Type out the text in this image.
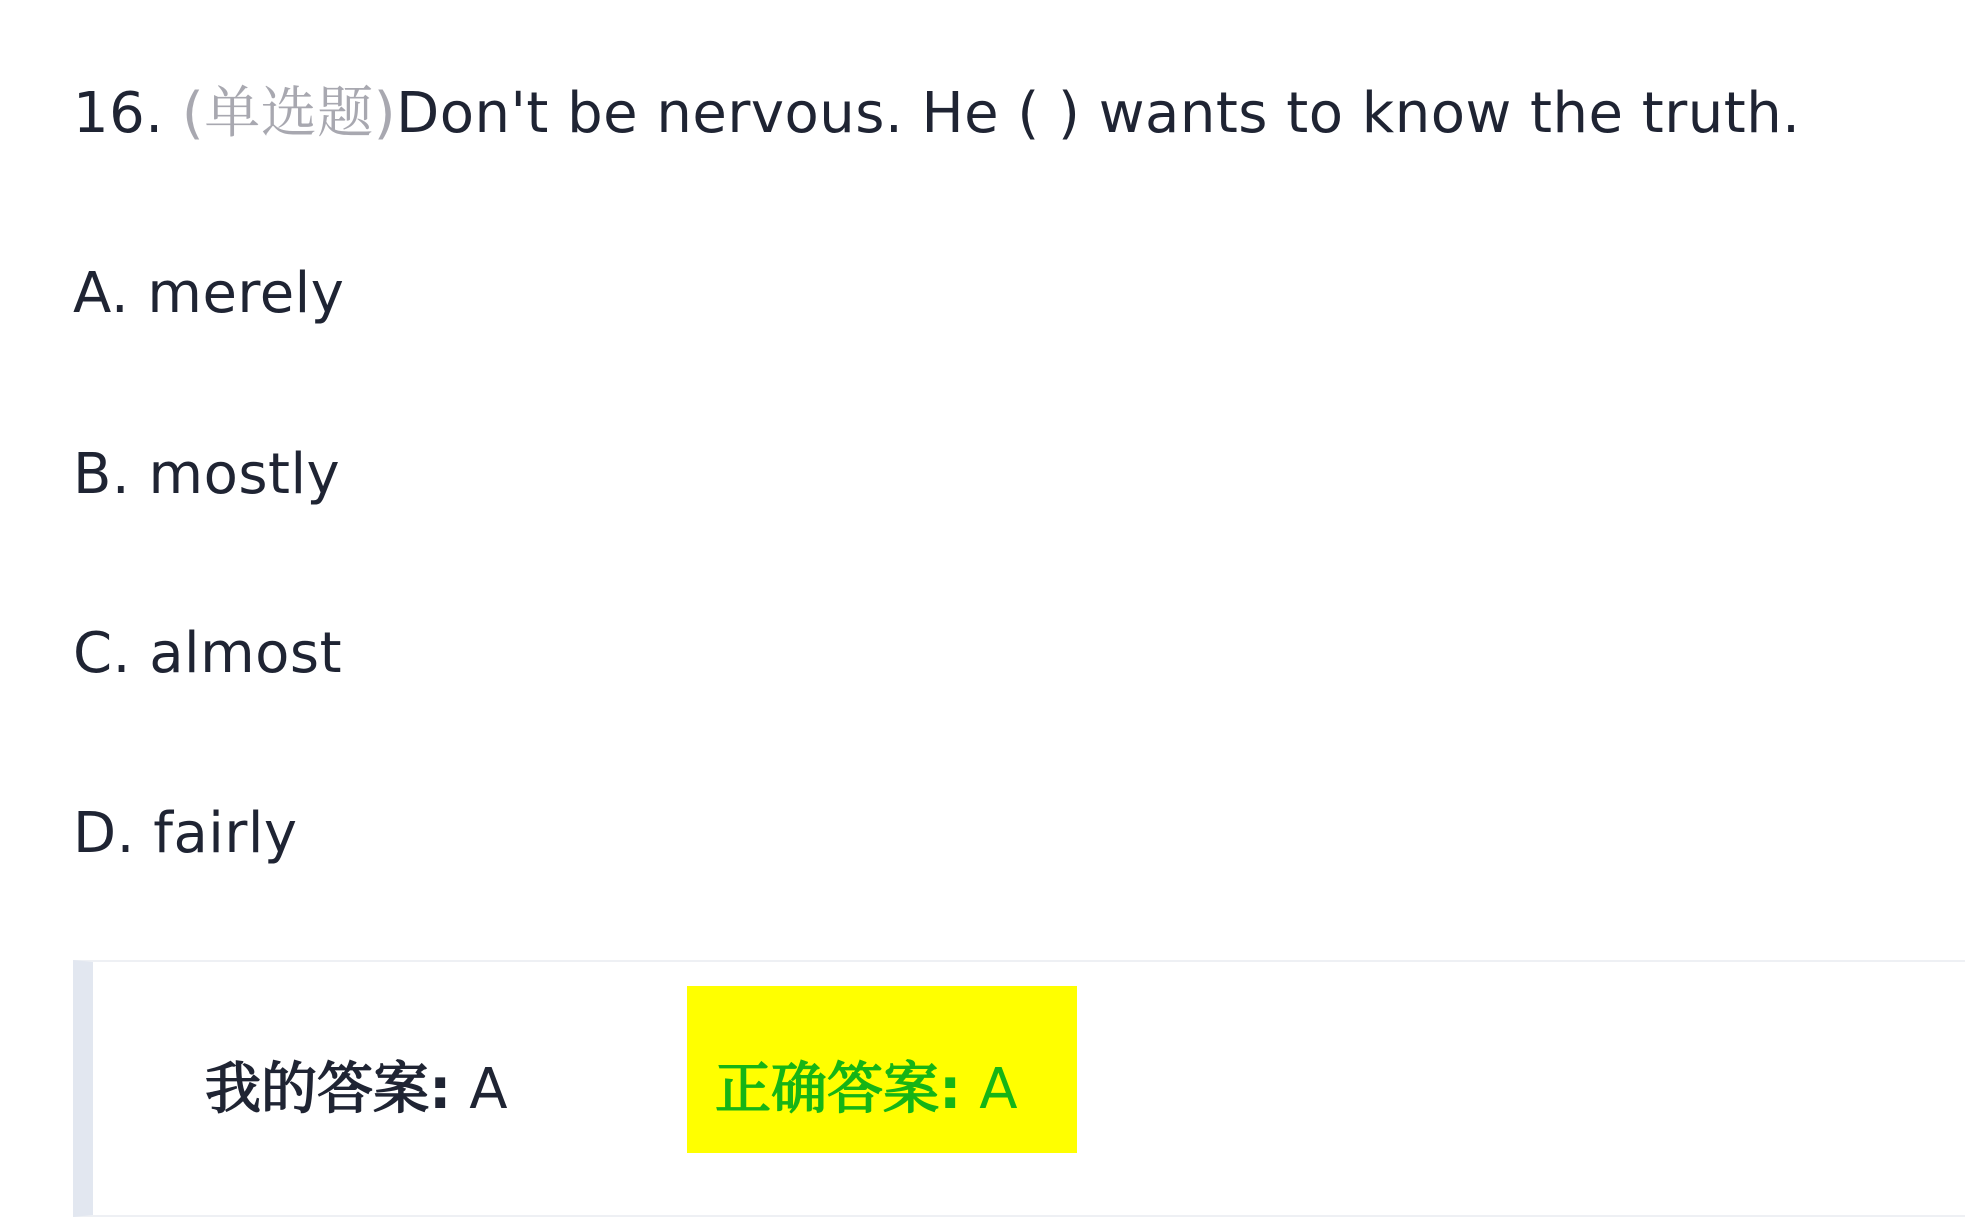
16. (单选题)Don't be nervous. He ( ) wants to know the truth.
A. merely
B. mostly
C. almost
D. fairly
我的答案: A	正确答案: A
